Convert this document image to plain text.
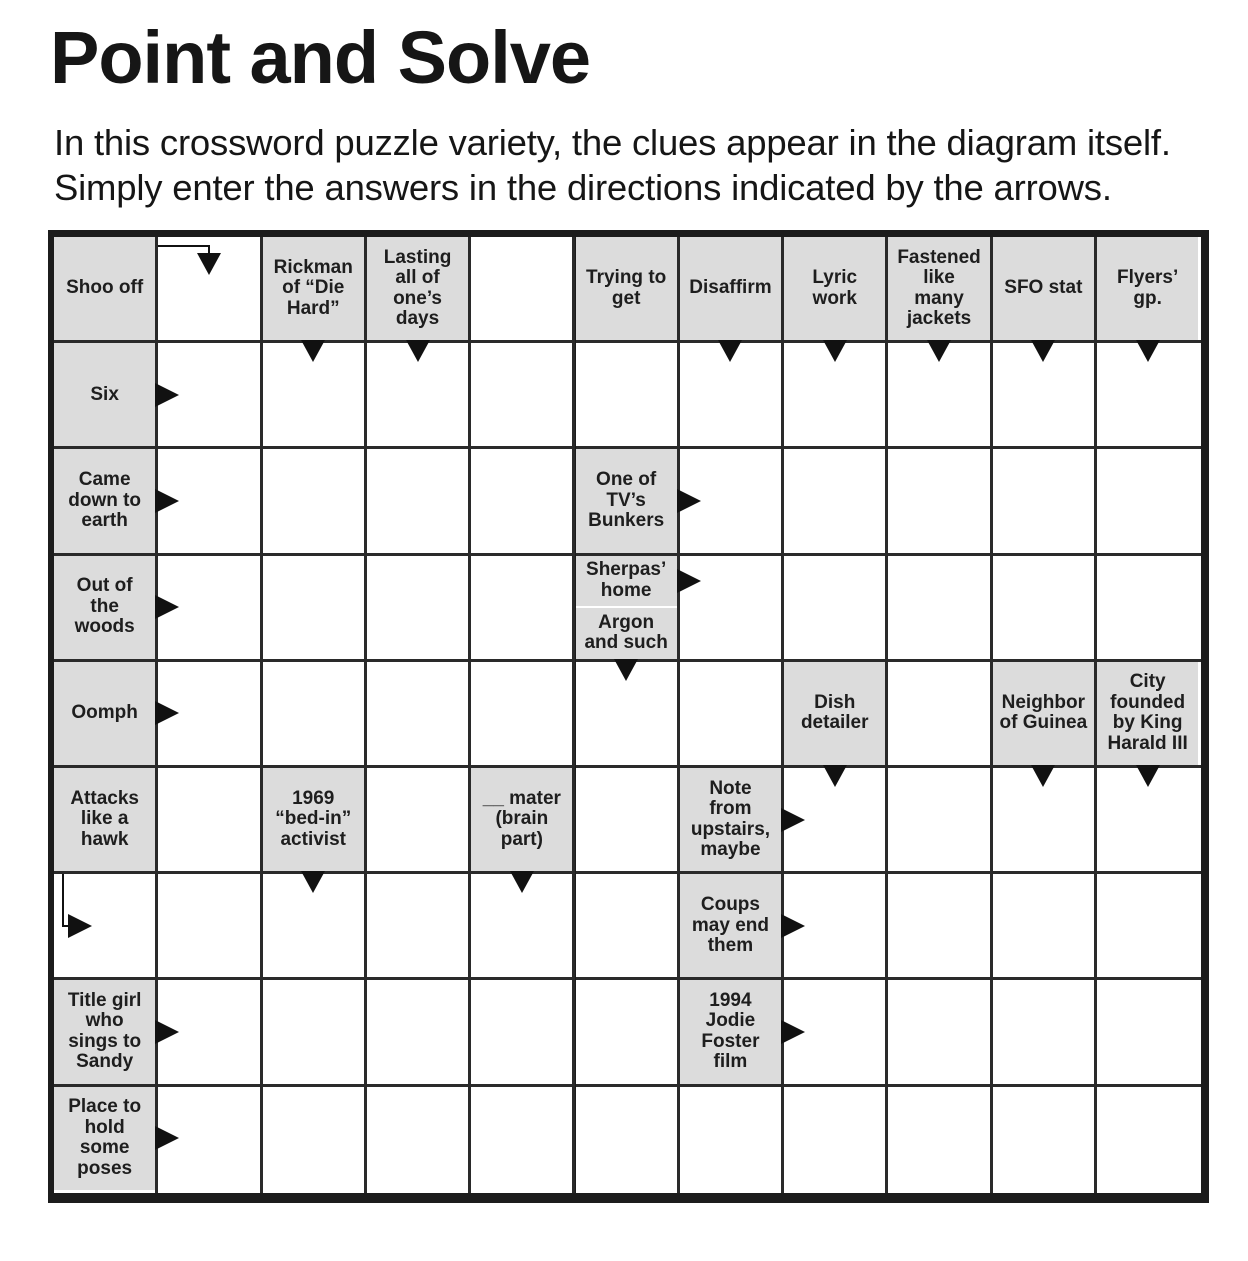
Point and Solve
In this crossword puzzle variety, the clues appear in the diagram itself.
Simply enter the answers in the directions indicated by the arrows.
Shoo off
Rickman
of “Die
Hard”
Lasting
all of
one’s
days
Trying to
get	Disaffirm	Lyric
work
Fastened
like
many
jackets
SFO stat	Flyers’
gp.
Six
Came
down to
earth
One of
TV’s
Bunkers
Out of
the
woods
Sherpas’
home
Argon
and such
Oomph	Dish
detailer
Neighbor
of Guinea
City
founded
by King
Harald III
Attacks
like a
hawk
1969
“bed-in”
activist
__ mater
(brain
part)
Note
from
upstairs,
maybe
Coups
may end
them
Title girl
who
sings to
Sandy
1994
Jodie
Foster
film
Place to
hold
some
poses
